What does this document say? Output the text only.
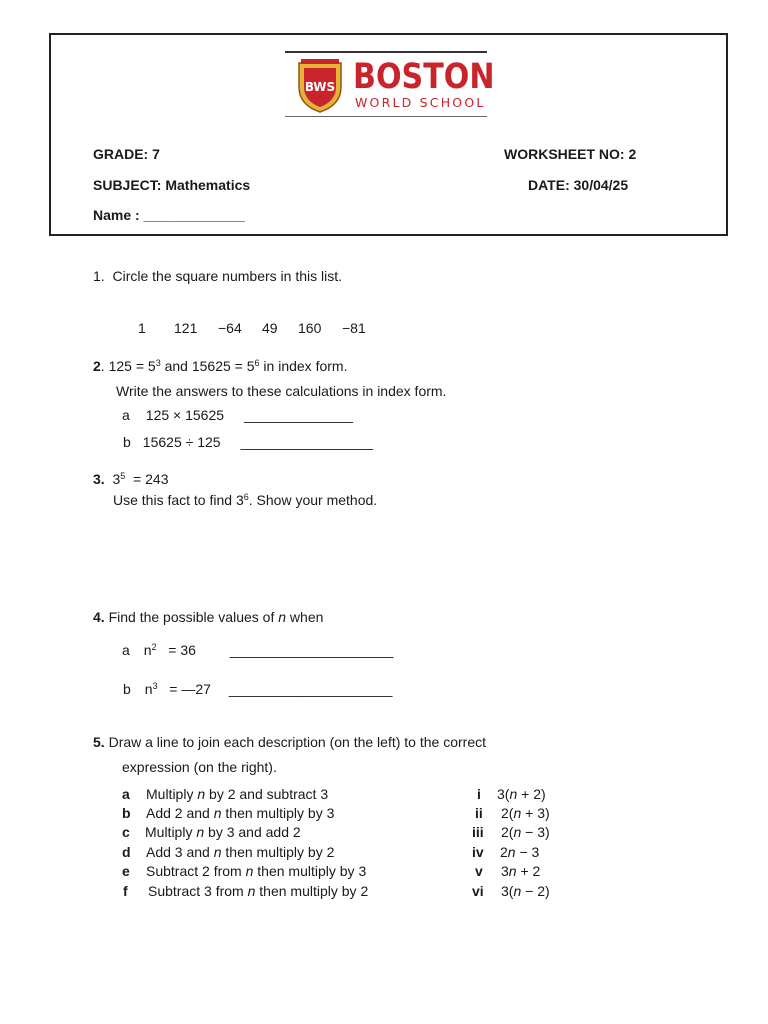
BWS BOSTON
WORLD SCHOOL
GRADE: 7	WORKSHEET NO: 2
SUBJECT: Mathematics	DATE: 30/04/25
Name : _____________
1. Circle the square numbers in this list.
1 121 −64 49 160 −81
2. $125 = 5^3$ and $15625 = 5^6$ in index form.
Write the answers to these calculations in index form.
a 125 × 15625 ______________
b 15625 ÷ 125 _________________
3. $3^5 = 243$
Use this fact to find $3^6$. Show your method.
4. Find the possible values of n when
a $n^2 = 36$ _____________________
b $n^3$   = —27 _____________________
5. Draw a line to join each description (on the left) to the correct
expression (on the right).
a Multiply n by 2 and subtract 3
b Add 2 and n then multiply by 3
c Multiply n by 3 and add 2
d Add 3 and n then multiply by 2
e Subtract 2 from n then multiply by 3
f Subtract 3 from n then multiply by 2
i 3(n + 2)
ii 2(n + 3)
iii 2(n − 3)
iv 2n − 3
v 3n + 2
vi 3(n − 2)
